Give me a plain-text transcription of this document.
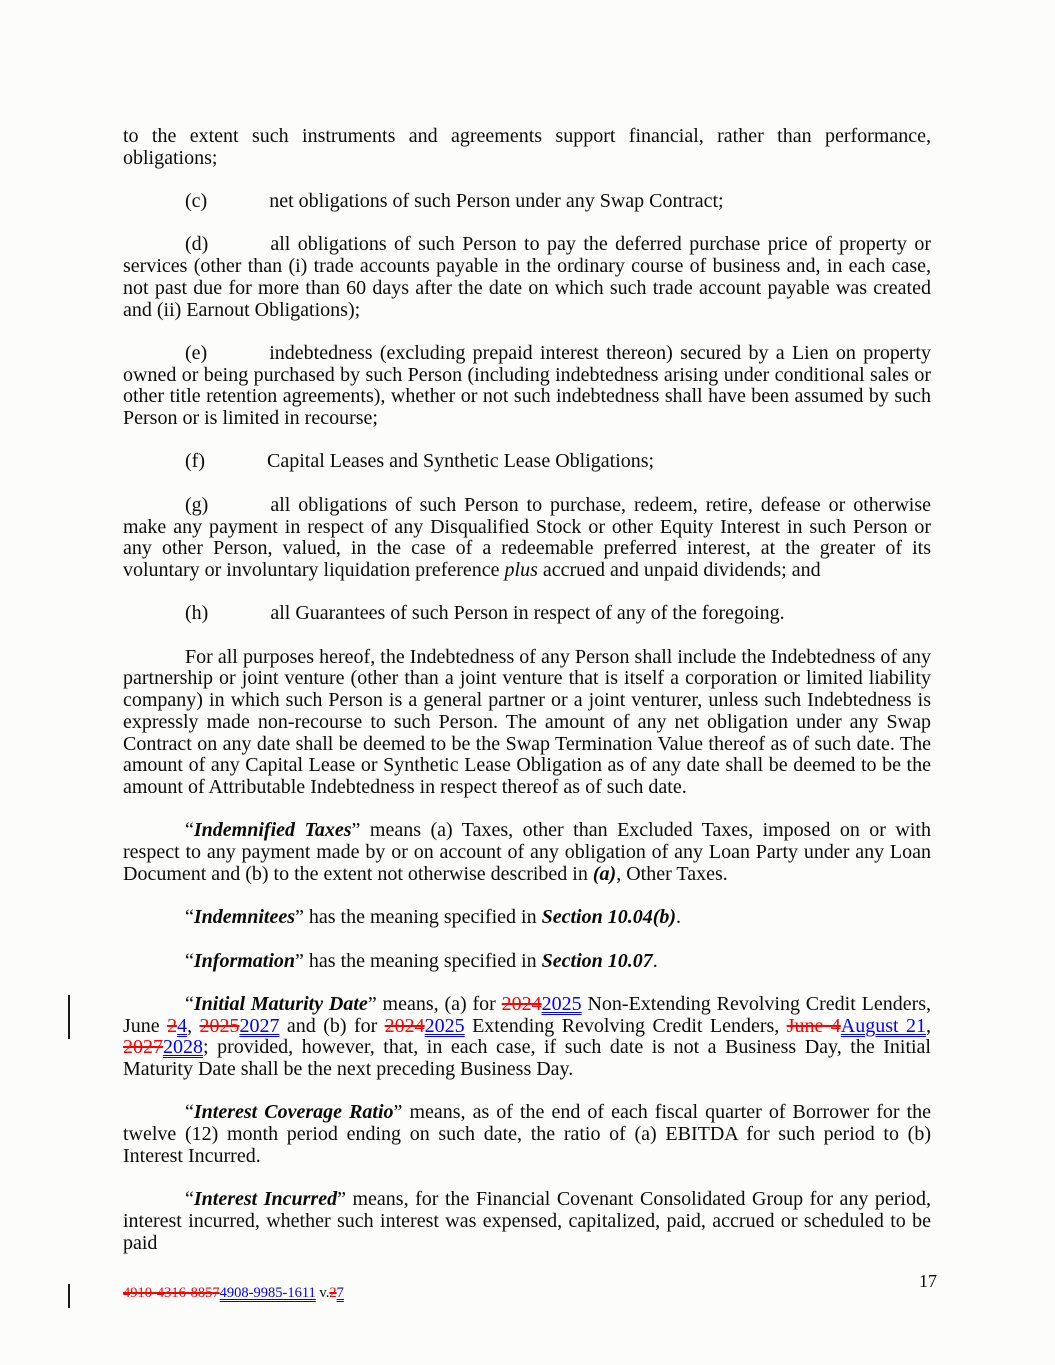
to the extent such instruments and agreements support financial, rather than performance, obligations;

(c)	net obligations of such Person under any Swap Contract;

(d)	all obligations of such Person to pay the deferred purchase price of property or services (other than (i) trade accounts payable in the ordinary course of business and, in each case, not past due for more than 60 days after the date on which such trade account payable was created and (ii) Earnout Obligations);

(e)	indebtedness (excluding prepaid interest thereon) secured by a Lien on property owned or being purchased by such Person (including indebtedness arising under conditional sales or other title retention agreements), whether or not such indebtedness shall have been assumed by such Person or is limited in recourse;

(f)	Capital Leases and Synthetic Lease Obligations;

(g)	all obligations of such Person to purchase, redeem, retire, defease or otherwise make any payment in respect of any Disqualified Stock or other Equity Interest in such Person or any other Person, valued, in the case of a redeemable preferred interest, at the greater of its voluntary or involuntary liquidation preference plus accrued and unpaid dividends; and

(h)	all Guarantees of such Person in respect of any of the foregoing.

For all purposes hereof, the Indebtedness of any Person shall include the Indebtedness of any partnership or joint venture (other than a joint venture that is itself a corporation or limited liability company) in which such Person is a general partner or a joint venturer, unless such Indebtedness is expressly made non-recourse to such Person. The amount of any net obligation under any Swap Contract on any date shall be deemed to be the Swap Termination Value thereof as of such date. The amount of any Capital Lease or Synthetic Lease Obligation as of any date shall be deemed to be the amount of Attributable Indebtedness in respect thereof as of such date.

“Indemnified Taxes” means (a) Taxes, other than Excluded Taxes, imposed on or with respect to any payment made by or on account of any obligation of any Loan Party under any Loan Document and (b) to the extent not otherwise described in (a), Other Taxes.

“Indemnitees” has the meaning specified in Section 10.04(b).

“Information” has the meaning specified in Section 10.07.

“Initial Maturity Date” means, (a) for 20242025 Non-Extending Revolving Credit Lenders, June 24, 20252027 and (b) for 20242025 Extending Revolving Credit Lenders, June 4August 21, 20272028; provided, however, that, in each case, if such date is not a Business Day, the Initial Maturity Date shall be the next preceding Business Day.

“Interest Coverage Ratio” means, as of the end of each fiscal quarter of Borrower for the twelve (12) month period ending on such date, the ratio of (a) EBITDA for such period to (b) Interest Incurred.

“Interest Incurred” means, for the Financial Covenant Consolidated Group for any period, interest incurred, whether such interest was expensed, capitalized, paid, accrued or scheduled to be paid

4910-4316-88574908-9985-1611 v.27
17
